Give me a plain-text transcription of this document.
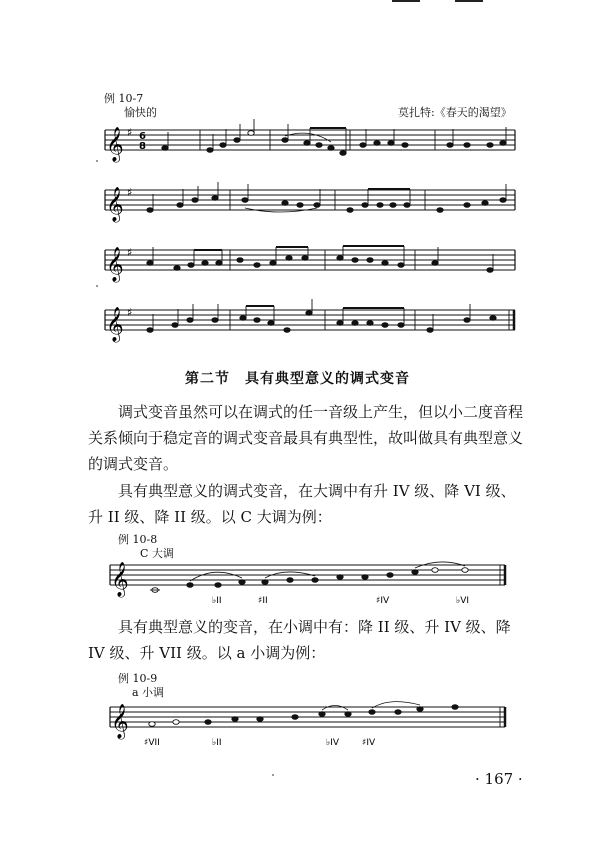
例 10-7
愉快的	莫扎特:《春天的渴望》
𝄞 ♯ 6
8
𝄞 ♯
𝄞 ♯
𝄞 ♯
第二节　具有典型意义的调式变音

调式变音虽然可以在调式的任一音级上产生，但以小二度音程关系倾向于稳定音的调式变音最具有典型性，故叫做具有典型意义的调式变音。

具有典型意义的调式变音，在大调中有升 IV 级、降 VI 级、升 II 级、降 II 级。以 C 大调为例：

例 10-8
C 大调
𝄞
♭II	♯II	♯IV	♭VI

具有典型意义的变音，在小调中有：降 II 级、升 IV 级、降 IV 级、升 VII 级。以 a 小调为例：

例 10-9
a 小调
𝄞
♯VII	♭II	♭IV	♯IV
· 167 ·
